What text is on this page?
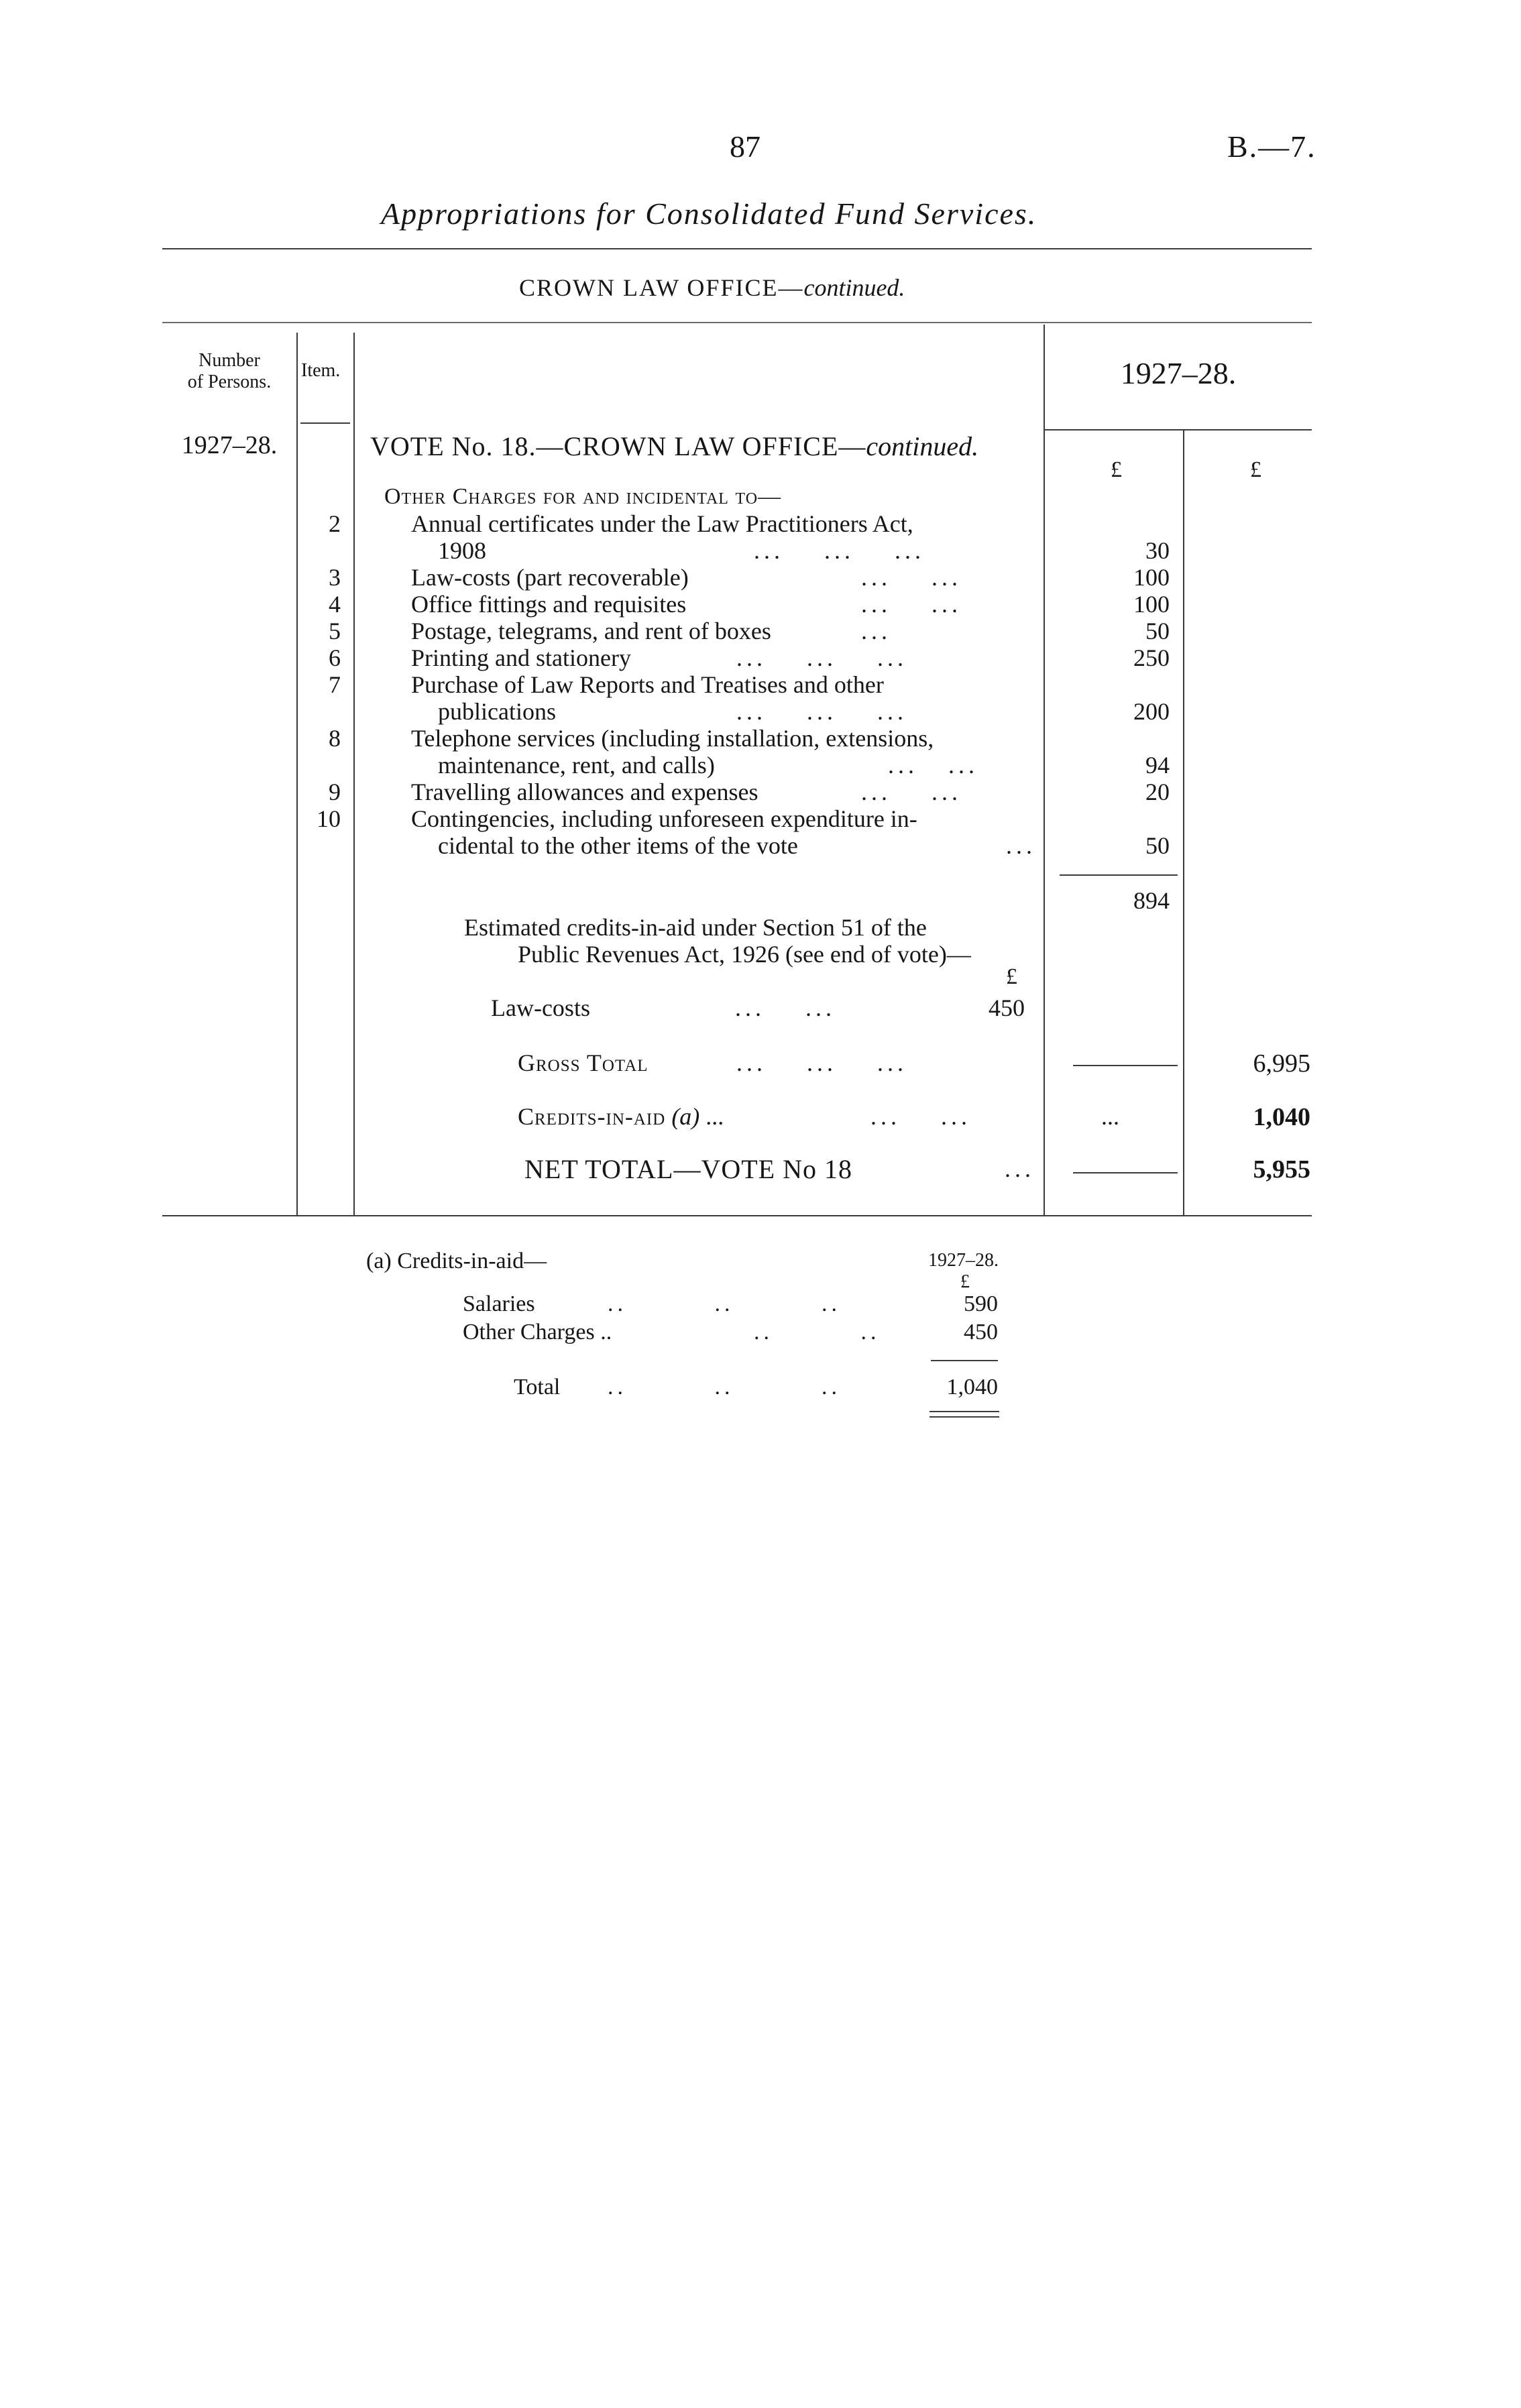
87	B.—7.
Appropriations for Consolidated Fund Services.
CROWN LAW OFFICE—continued.
Number
of Persons.
Item.	1927–28.
1927–28.
£	£
VOTE No. 18.—CROWN LAW OFFICE—continued.
Other Charges for and incidental to—
2	Annual certificates under the Law Practitioners Act,
1908	...    ...    ...	30
3	Law-costs (part recoverable)	...    ...	100
4	Office fittings and requisites	...    ...	100
5	Postage, telegrams, and rent of boxes	...	50
6	Printing and stationery	...    ...    ...	250
7	Purchase of Law Reports and Treatises and other
publications	...    ...    ...	200
8	Telephone services (including installation, extensions,
maintenance, rent, and calls)	...   ...	94
9	Travelling allowances and expenses	...    ...	20
10	Contingencies, including unforeseen expenditure in-
cidental to the other items of the vote	...	50
894
Estimated credits-in-aid under Section 51 of the
Public Revenues Act, 1926 (see end of vote)—
£
Law-costs	...    ...	450
Gross Total	...    ...    ...	6,995
Credits-in-aid (a) ...	...    ...	...	1,040
NET TOTAL—VOTE No 18	...	5,955
(a) Credits-in-aid—	1927–28.
£
Salaries	..         ..         ..	590
Other Charges ..	..         ..	450
Total ..         ..         ..	1,040
